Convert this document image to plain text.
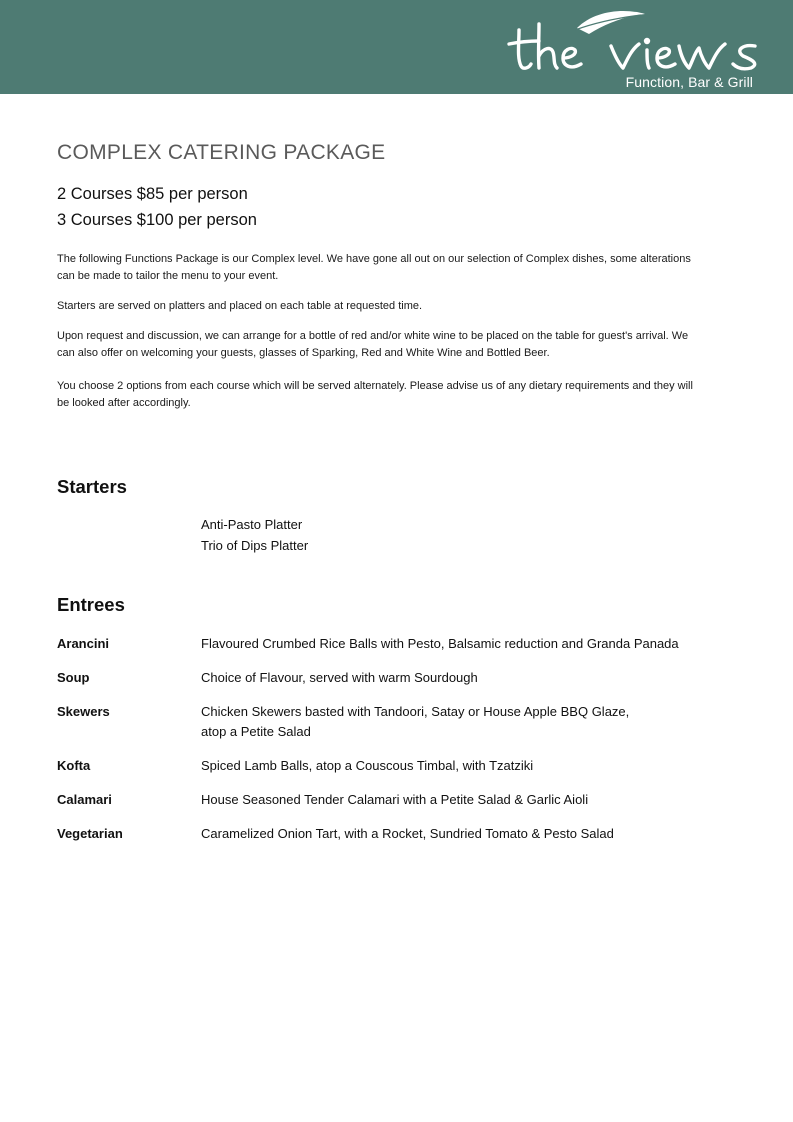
Function, Bar & Grill
COMPLEX CATERING PACKAGE
2 Courses $85 per person
3 Courses $100 per person

The following Functions Package is our Complex level. We have gone all out on our selection of Complex dishes, some alterations can be made to tailor the menu to your event.

Starters are served on platters and placed on each table at requested time.

Upon request and discussion, we can arrange for a bottle of red and/or white wine to be placed on the table for guest's arrival. We can also offer on welcoming your guests, glasses of Sparking, Red and White Wine and Bottled Beer.

You choose 2 options from each course which will be served alternately. Please advise us of any dietary requirements and they will be looked after accordingly.

Starters
Anti-Pasto Platter
Trio of Dips Platter
Entrees
Arancini	Flavoured Crumbed Rice Balls with Pesto, Balsamic reduction and Granda Panada
Soup	Choice of Flavour, served with warm Sourdough
Skewers	Chicken Skewers basted with Tandoori, Satay or House Apple BBQ Glaze,
atop a Petite Salad
Kofta	Spiced Lamb Balls, atop a Couscous Timbal, with Tzatziki
Calamari	House Seasoned Tender Calamari with a Petite Salad & Garlic Aioli
Vegetarian	Caramelized Onion Tart, with a Rocket, Sundried Tomato & Pesto Salad
